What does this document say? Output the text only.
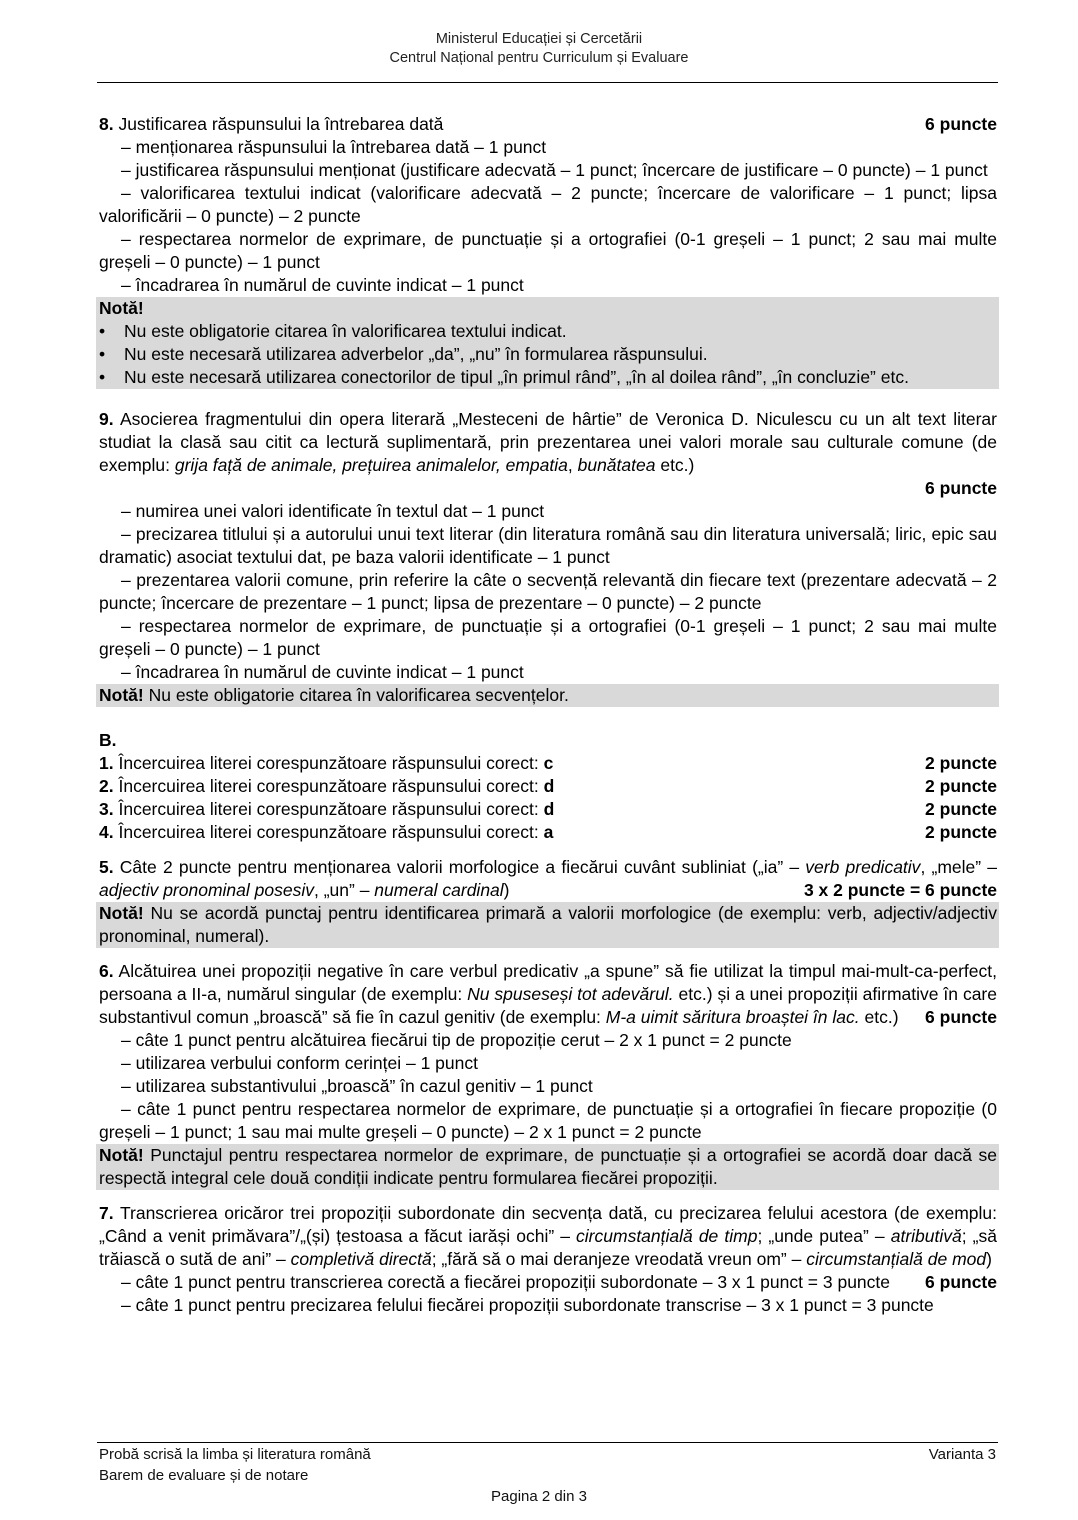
Ministerul Educației și Cercetării
Centrul Național pentru Curriculum și Evaluare
8. Justificarea răspunsului la întrebarea dată	6 puncte
– menționarea răspunsului la întrebarea dată – 1 punct
– justificarea răspunsului menționat (justificare adecvată – 1 punct; încercare de justificare – 0 puncte) – 1 punct
– valorificarea textului indicat (valorificare adecvată – 2 puncte; încercare de valorificare – 1 punct; lipsa valorificării – 0 puncte) – 2 puncte
– respectarea normelor de exprimare, de punctuație și a ortografiei (0-1 greșeli – 1 punct; 2 sau mai multe greșeli – 0 puncte) – 1 punct
– încadrarea în numărul de cuvinte indicat – 1 punct
Notă!
•	Nu este obligatorie citarea în valorificarea textului indicat.
•	Nu este necesară utilizarea adverbelor „da”, „nu” în formularea răspunsului.
•	Nu este necesară utilizarea conectorilor de tipul „în primul rând”, „în al doilea rând”, „în concluzie” etc.
9. Asocierea fragmentului din opera literară „Mesteceni de hârtie” de Veronica D. Niculescu cu un alt text literar studiat la clasă sau citit ca lectură suplimentară, prin prezentarea unei valori morale sau culturale comune (de exemplu: grija față de animale, prețuirea animalelor, empatia, bunătatea etc.)
6 puncte
– numirea unei valori identificate în textul dat – 1 punct
– precizarea titlului și a autorului unui text literar (din literatura română sau din literatura universală; liric, epic sau dramatic) asociat textului dat, pe baza valorii identificate – 1 punct
– prezentarea valorii comune, prin referire la câte o secvență relevantă din fiecare text (prezentare adecvată – 2 puncte; încercare de prezentare – 1 punct; lipsa de prezentare – 0 puncte) – 2 puncte
– respectarea normelor de exprimare, de punctuație și a ortografiei (0-1 greșeli – 1 punct; 2 sau mai multe greșeli – 0 puncte) – 1 punct
– încadrarea în numărul de cuvinte indicat – 1 punct
Notă! Nu este obligatorie citarea în valorificarea secvențelor.
B.
1. Încercuirea literei corespunzătoare răspunsului corect: c	2 puncte
2. Încercuirea literei corespunzătoare răspunsului corect: d	2 puncte
3. Încercuirea literei corespunzătoare răspunsului corect: d	2 puncte
4. Încercuirea literei corespunzătoare răspunsului corect: a	2 puncte
5. Câte 2 puncte pentru menționarea valorii morfologice a fiecărui cuvânt subliniat („ia” – verb predicativ, „mele” – adjectiv pronominal posesiv, „un” – numeral cardinal)	3 x 2 puncte = 6 puncte
Notă! Nu se acordă punctaj pentru identificarea primară a valorii morfologice (de exemplu: verb, adjectiv/adjectiv pronominal, numeral).
6. Alcătuirea unei propoziții negative în care verbul predicativ „a spune” să fie utilizat la timpul mai-mult-ca-perfect, persoana a II-a, numărul singular (de exemplu: Nu spuseseși tot adevărul. etc.) și a unei propoziții afirmative în care substantivul comun „broască” să fie în cazul genitiv (de exemplu: M-a uimit săritura broaștei în lac. etc.) 6 puncte
– câte 1 punct pentru alcătuirea fiecărui tip de propoziție cerut – 2 x 1 punct = 2 puncte
– utilizarea verbului conform cerinței – 1 punct
– utilizarea substantivului „broască” în cazul genitiv – 1 punct
– câte 1 punct pentru respectarea normelor de exprimare, de punctuație și a ortografiei în fiecare propoziție (0 greșeli – 1 punct; 1 sau mai multe greșeli – 0 puncte) – 2 x 1 punct = 2 puncte
Notă! Punctajul pentru respectarea normelor de exprimare, de punctuație și a ortografiei se acordă doar dacă se respectă integral cele două condiții indicate pentru formularea fiecărei propoziții.
7. Transcrierea oricăror trei propoziții subordonate din secvența dată, cu precizarea felului acestora (de exemplu: „Când a venit primăvara”/„(și) țestoasa a făcut iarăși ochi” – circumstanțială de timp; „unde putea” – atributivă; „să trăiască o sută de ani” – completivă directă; „fără să o mai deranjeze vreodată vreun om” – circumstanțială de mod)
6 puncte
– câte 1 punct pentru transcrierea corectă a fiecărei propoziții subordonate – 3 x 1 punct = 3 puncte
– câte 1 punct pentru precizarea felului fiecărei propoziții subordonate transcrise – 3 x 1 punct = 3 puncte
Probă scrisă la limba și literatura română
Barem de evaluare și de notare
Varianta 3
Pagina 2 din 3
